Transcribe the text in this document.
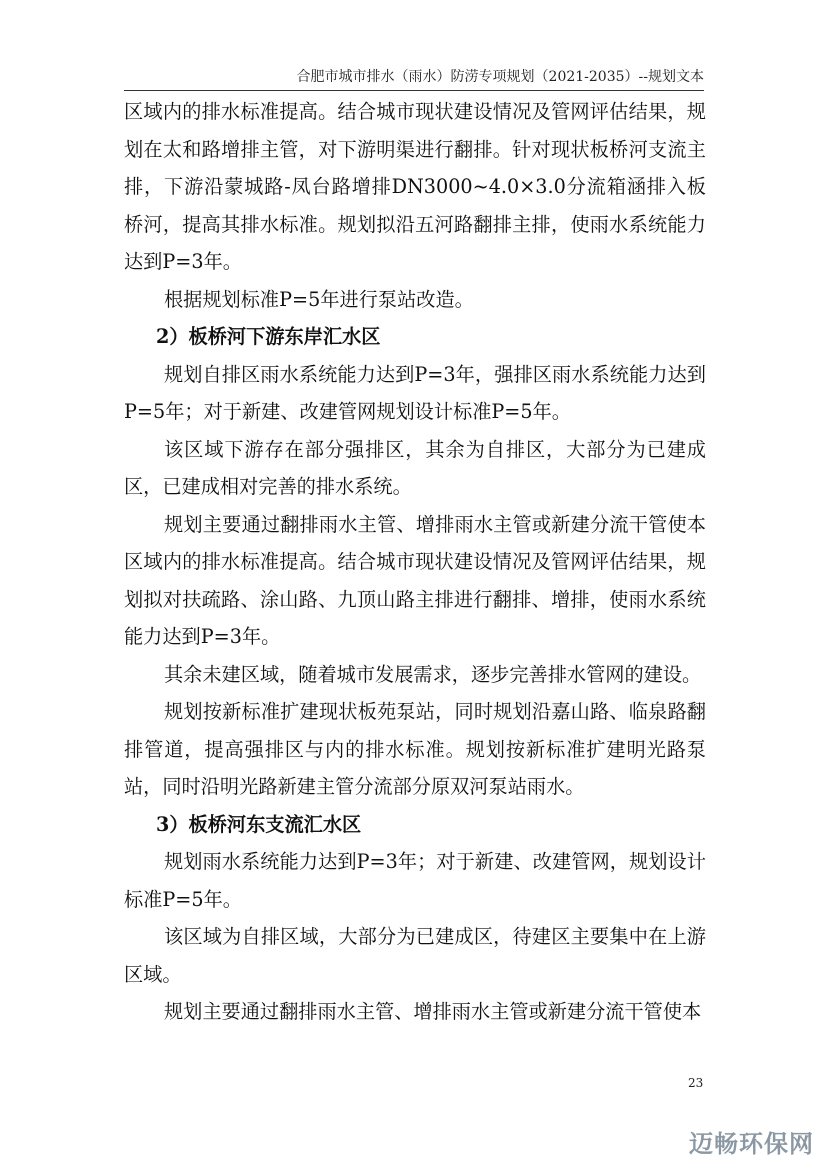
合肥市城市排水（雨水）防涝专项规划（2021-2035）--规划文本

区域内的排水标准提高。结合城市现状建设情况及管网评估结果，规划在太和路增排主管，对下游明渠进行翻排。针对现状板桥河支流主排，下游沿蒙城路-凤台路增排DN3000~4.0×3.0分流箱涵排入板桥河，提高其排水标准。规划拟沿五河路翻排主排，使雨水系统能力达到P=3年。

根据规划标准P=5年进行泵站改造。

2）板桥河下游东岸汇水区

规划自排区雨水系统能力达到P=3年，强排区雨水系统能力达到P=5年；对于新建、改建管网规划设计标准P=5年。

该区域下游存在部分强排区，其余为自排区，大部分为已建成区，已建成相对完善的排水系统。

规划主要通过翻排雨水主管、增排雨水主管或新建分流干管使本区域内的排水标准提高。结合城市现状建设情况及管网评估结果，规划拟对扶疏路、涂山路、九顶山路主排进行翻排、增排，使雨水系统能力达到P=3年。

其余未建区域，随着城市发展需求，逐步完善排水管网的建设。

规划按新标准扩建现状板苑泵站，同时规划沿嘉山路、临泉路翻排管道，提高强排区与内的排水标准。规划按新标准扩建明光路泵站，同时沿明光路新建主管分流部分原双河泵站雨水。

3）板桥河东支流汇水区

规划雨水系统能力达到P=3年；对于新建、改建管网，规划设计标准P=5年。

该区域为自排区域，大部分为已建成区，待建区主要集中在上游区域。

规划主要通过翻排雨水主管、增排雨水主管或新建分流干管使本

23
迈畅环保网
